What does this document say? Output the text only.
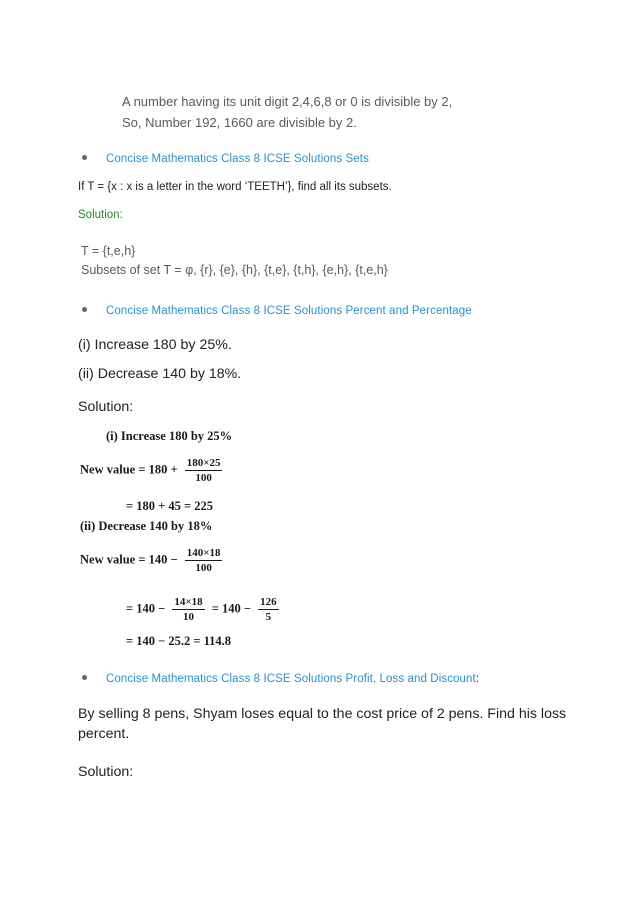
A number having its unit digit 2,4,6,8 or 0 is divisible by 2,
So, Number 192, 1660 are divisible by 2.
Concise Mathematics Class 8 ICSE Solutions Sets
If T = {x : x is a letter in the word ‘TEETH’}, find all its subsets.
Solution:
T = {t,e,h}
Subsets of set T = φ, {r}, {e}, {h}, {t,e}, {t,h}, {e,h}, {t,e,h}
Concise Mathematics Class 8 ICSE Solutions Percent and Percentage
(i) Increase 180 by 25%.
(ii) Decrease 140 by 18%.
Solution:
(i) Increase 180 by 25%
New value = $180 + \frac{180\times 25}{100}$
= 180 + 45 = 225
(ii) Decrease 140 by 18%
New value = $140 - \frac{140\times 18}{100}$
= $140 - \frac{14\times 18}{10} = 140 - \frac{126}{5}$
= 140 − 25.2 = 114.8
Concise Mathematics Class 8 ICSE Solutions Profit, Loss and Discount:
By selling 8 pens, Shyam loses equal to the cost price of 2 pens. Find his loss
percent.
Solution:
